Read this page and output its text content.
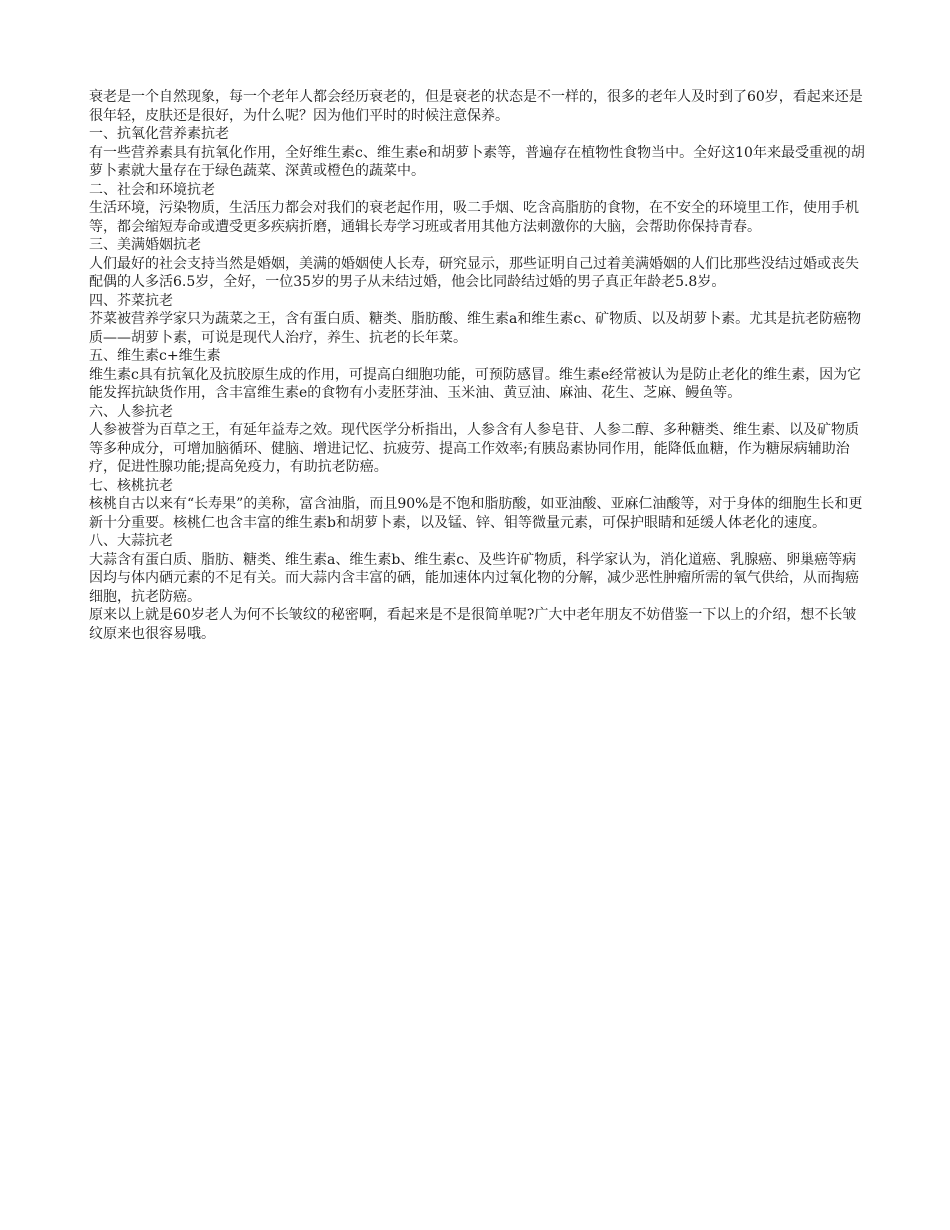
衰老是一个自然现象，每一个老年人都会经历衰老的，但是衰老的状态是不一样的，很多的老年人及时到了60岁，看起来还是很年轻，皮肤还是很好，为什么呢？因为他们平时的时候注意保养。

一、抗氧化营养素抗老

有一些营养素具有抗氧化作用，全好维生素c、维生素e和胡萝卜素等，普遍存在植物性食物当中。全好这10年来最受重视的胡萝卜素就大量存在于绿色蔬菜、深黄或橙色的蔬菜中。

二、社会和环境抗老

生活环境，污染物质，生活压力都会对我们的衰老起作用，吸二手烟、吃含高脂肪的食物，在不安全的环境里工作，使用手机等，都会缩短寿命或遭受更多疾病折磨，通辑长寿学习班或者用其他方法刺激你的大脑，会帮助你保持青春。

三、美满婚姻抗老

人们最好的社会支持当然是婚姻，美满的婚姻使人长寿，研究显示，那些证明自己过着美满婚姻的人们比那些没结过婚或丧失配偶的人多活6.5岁，全好，一位35岁的男子从未结过婚，他会比同龄结过婚的男子真正年龄老5.8岁。

四、芥菜抗老

芥菜被营养学家只为蔬菜之王，含有蛋白质、糖类、脂肪酸、维生素a和维生素c、矿物质、以及胡萝卜素。尤其是抗老防癌物质——胡萝卜素，可说是现代人治疗，养生、抗老的长年菜。

五、维生素c+维生素

维生素c具有抗氧化及抗胶原生成的作用，可提高白细胞功能，可预防感冒。维生素e经常被认为是防止老化的维生素，因为它能发挥抗缺货作用，含丰富维生素e的食物有小麦胚芽油、玉米油、黄豆油、麻油、花生、芝麻、鳗鱼等。

六、人参抗老

人参被誉为百草之王，有延年益寿之效。现代医学分析指出，人参含有人参皂苷、人参二醇、多种糖类、维生素、以及矿物质等多种成分，可增加脑循环、健脑、增进记忆、抗疲劳、提高工作效率;有胰岛素协同作用，能降低血糖，作为糖尿病辅助治疗，促进性腺功能;提高免疫力，有助抗老防癌。

七、核桃抗老

核桃自古以来有“长寿果”的美称，富含油脂，而且90%是不饱和脂肪酸，如亚油酸、亚麻仁油酸等，对于身体的细胞生长和更新十分重要。核桃仁也含丰富的维生素b和胡萝卜素，以及锰、锌、钼等微量元素，可保护眼睛和延缓人体老化的速度。

八、大蒜抗老

大蒜含有蛋白质、脂肪、糖类、维生素a、维生素b、维生素c、及些许矿物质，科学家认为，消化道癌、乳腺癌、卵巢癌等病因均与体内硒元素的不足有关。而大蒜内含丰富的硒，能加速体内过氧化物的分解，减少恶性肿瘤所需的氧气供给，从而掏癌细胞，抗老防癌。

原来以上就是60岁老人为何不长皱纹的秘密啊，看起来是不是很简单呢?广大中老年朋友不妨借鉴一下以上的介绍，想不长皱纹原来也很容易哦。
